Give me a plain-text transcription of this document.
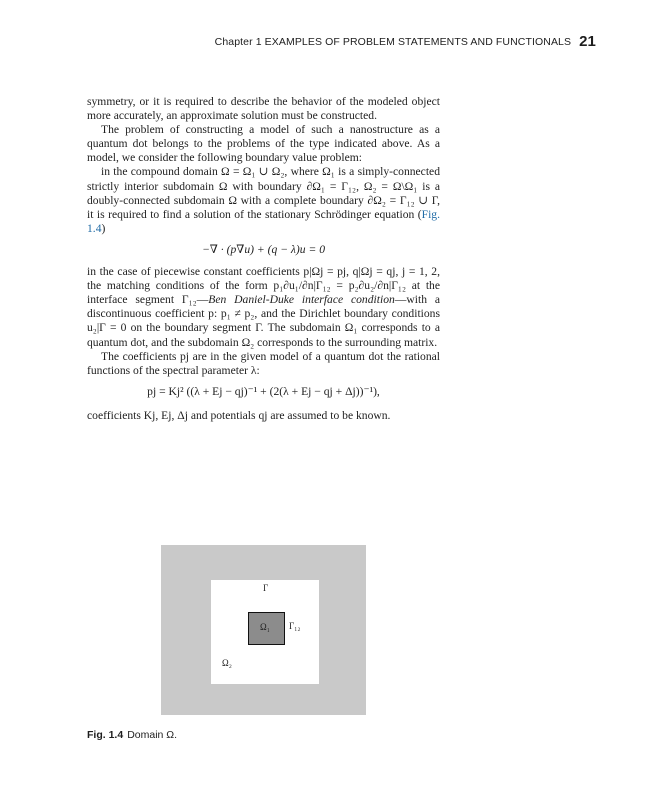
Chapter 1 EXAMPLES OF PROBLEM STATEMENTS AND FUNCTIONALS 21

symmetry, or it is required to describe the behavior of the modeled object more accurately, an approximate solution must be constructed.

The problem of constructing a model of such a nanostructure as a quantum dot belongs to the problems of the type indicated above. As a model, we consider the following boundary value problem:

in the compound domain Ω = Ω₁ ∪ Ω₂, where Ω₁ is a simply-connected strictly interior subdomain Ω with boundary ∂Ω₁ = Γ₁₂, Ω₂ = Ω\Ω₁ is a doubly-connected subdomain Ω with a complete boundary ∂Ω₂ = Γ₁₂ ∪ Γ, it is required to find a solution of the stationary Schrödinger equation (Fig. 1.4)

−∇ · (p∇u) + (q − λ)u = 0

in the case of piecewise constant coefficients p|Ωj = pj, q|Ωj = qj, j = 1, 2, the matching conditions of the form p₁∂u₁/∂n|Γ₁₂ = p₂∂u₂/∂n|Γ₁₂ at the interface segment Γ₁₂—Ben Daniel-Duke interface condition—with a discontinuous coefficient p: p₁ ≠ p₂, and the Dirichlet boundary conditions u₂|Γ = 0 on the boundary segment Γ. The subdomain Ω₁ corresponds to a quantum dot, and the subdomain Ω₂ corresponds to the surrounding matrix.

The coefficients pj are in the given model of a quantum dot the rational functions of the spectral parameter λ:

pj = Kj² ((λ + Ej − qj)⁻¹ + (2(λ + Ej − qj + Δj))⁻¹),

coefficients Kj, Ej, Δj and potentials qj are assumed to be known.

Ω₁
Γ
Γ₁₂
Ω₂
Fig. 1.4 Domain Ω.
